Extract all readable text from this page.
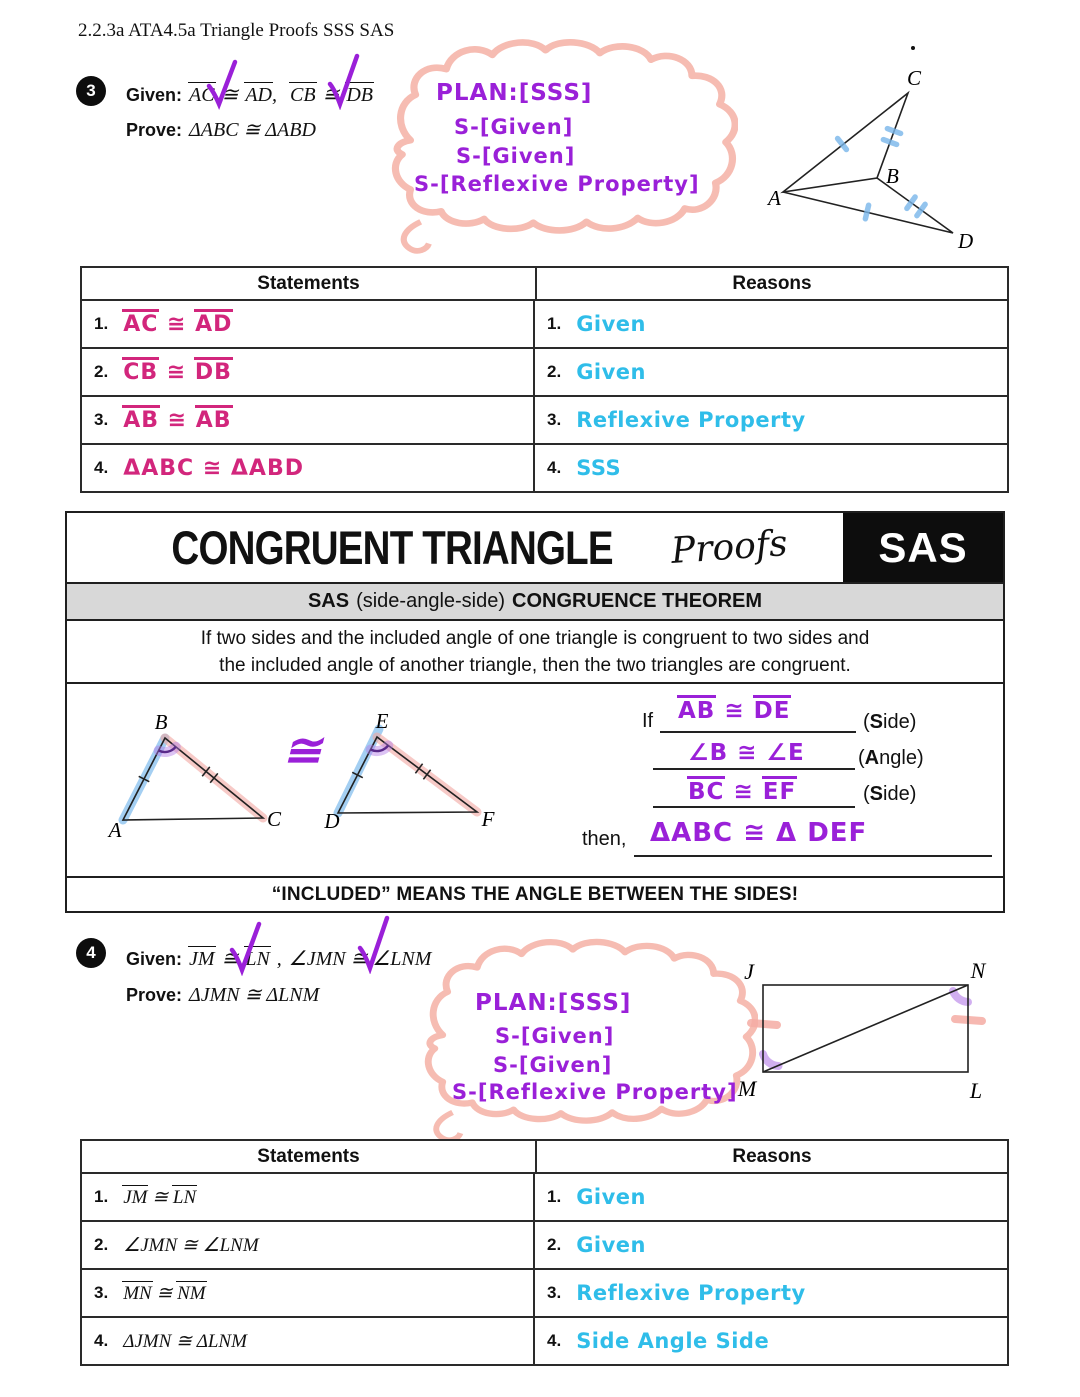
2.2.3a ATA4.5a Triangle Proofs SSS SAS
3 Given: AC ≅ AD, CB ≅ DB
Prove: ΔABC ≅ ΔABD
PLAN:[SSS]
S-[Given]
S-[Given]
S-[Reflexive Property]
A
B
C
D
Statements	Reasons
1. AC ≅ AD	1. Given
2. CB ≅ DB	2. Given
3. AB ≅ AB	3. Reflexive Property
4. ΔABC ≅ ΔABD	4. SSS
CONGRUENT TRIANGLE Proofs	SAS
SAS (side-angle-side) CONGRUENCE THEOREM
If two sides and the included angle of one triangle is congruent to two sides and
the included angle of another triangle, then the two triangles are congruent.
A
B
C D
E
F
≅
If AB ≅ DE	(Side)
∠B ≅ ∠E	(Angle)
BC ≅ EF	(Side)
then, ΔABC ≅ Δ DEF
“INCLUDED” MEANS THE ANGLE BETWEEN THE SIDES!
4 Given: JM ≅ LN , ∠JMN ≅ ∠LNM
Prove: ΔJMN ≅ ΔLNM	PLAN:[SSS]
S-[Given]
S-[Given]
S-[Reflexive Property]
J	N
M	L
Statements	Reasons
1. JM ≅ LN	1. Given
2. ∠JMN ≅ ∠LNM	2. Given
3. MN ≅ NM	3. Reflexive Property
4. ΔJMN ≅ ΔLNM	4. Side Angle Side
